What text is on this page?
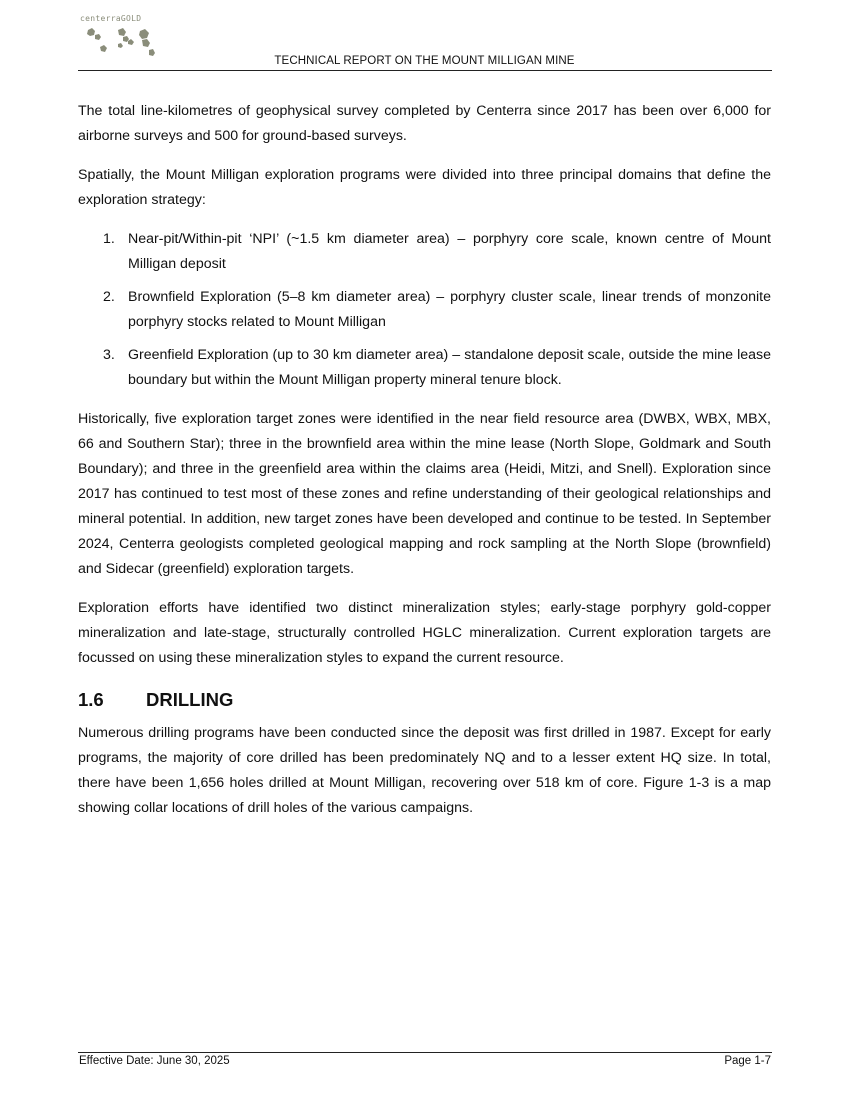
centerraGOLD
TECHNICAL REPORT ON THE MOUNT MILLIGAN MINE

The total line-kilometres of geophysical survey completed by Centerra since 2017 has been over 6,000 for airborne surveys and 500 for ground-based surveys.

Spatially, the Mount Milligan exploration programs were divided into three principal domains that define the exploration strategy:

1. Near-pit/Within-pit ‘NPI’ (~1.5 km diameter area) – porphyry core scale, known centre of Mount Milligan deposit
2. Brownfield Exploration (5–8 km diameter area) – porphyry cluster scale, linear trends of monzonite porphyry stocks related to Mount Milligan
3. Greenfield Exploration (up to 30 km diameter area) – standalone deposit scale, outside the mine lease boundary but within the Mount Milligan property mineral tenure block.

Historically, five exploration target zones were identified in the near field resource area (DWBX, WBX, MBX, 66 and Southern Star); three in the brownfield area within the mine lease (North Slope, Goldmark and South Boundary); and three in the greenfield area within the claims area (Heidi, Mitzi, and Snell). Exploration since 2017 has continued to test most of these zones and refine understanding of their geological relationships and mineral potential. In addition, new target zones have been developed and continue to be tested. In September 2024, Centerra geologists completed geological mapping and rock sampling at the North Slope (brownfield) and Sidecar (greenfield) exploration targets.

Exploration efforts have identified two distinct mineralization styles; early-stage porphyry gold-copper mineralization and late-stage, structurally controlled HGLC mineralization. Current exploration targets are focussed on using these mineralization styles to expand the current resource.

1.6	DRILLING

Numerous drilling programs have been conducted since the deposit was first drilled in 1987. Except for early programs, the majority of core drilled has been predominately NQ and to a lesser extent HQ size. In total, there have been 1,656 holes drilled at Mount Milligan, recovering over 518 km of core. Figure 1-3 is a map showing collar locations of drill holes of the various campaigns.

Effective Date: June 30, 2025	Page 1-7
